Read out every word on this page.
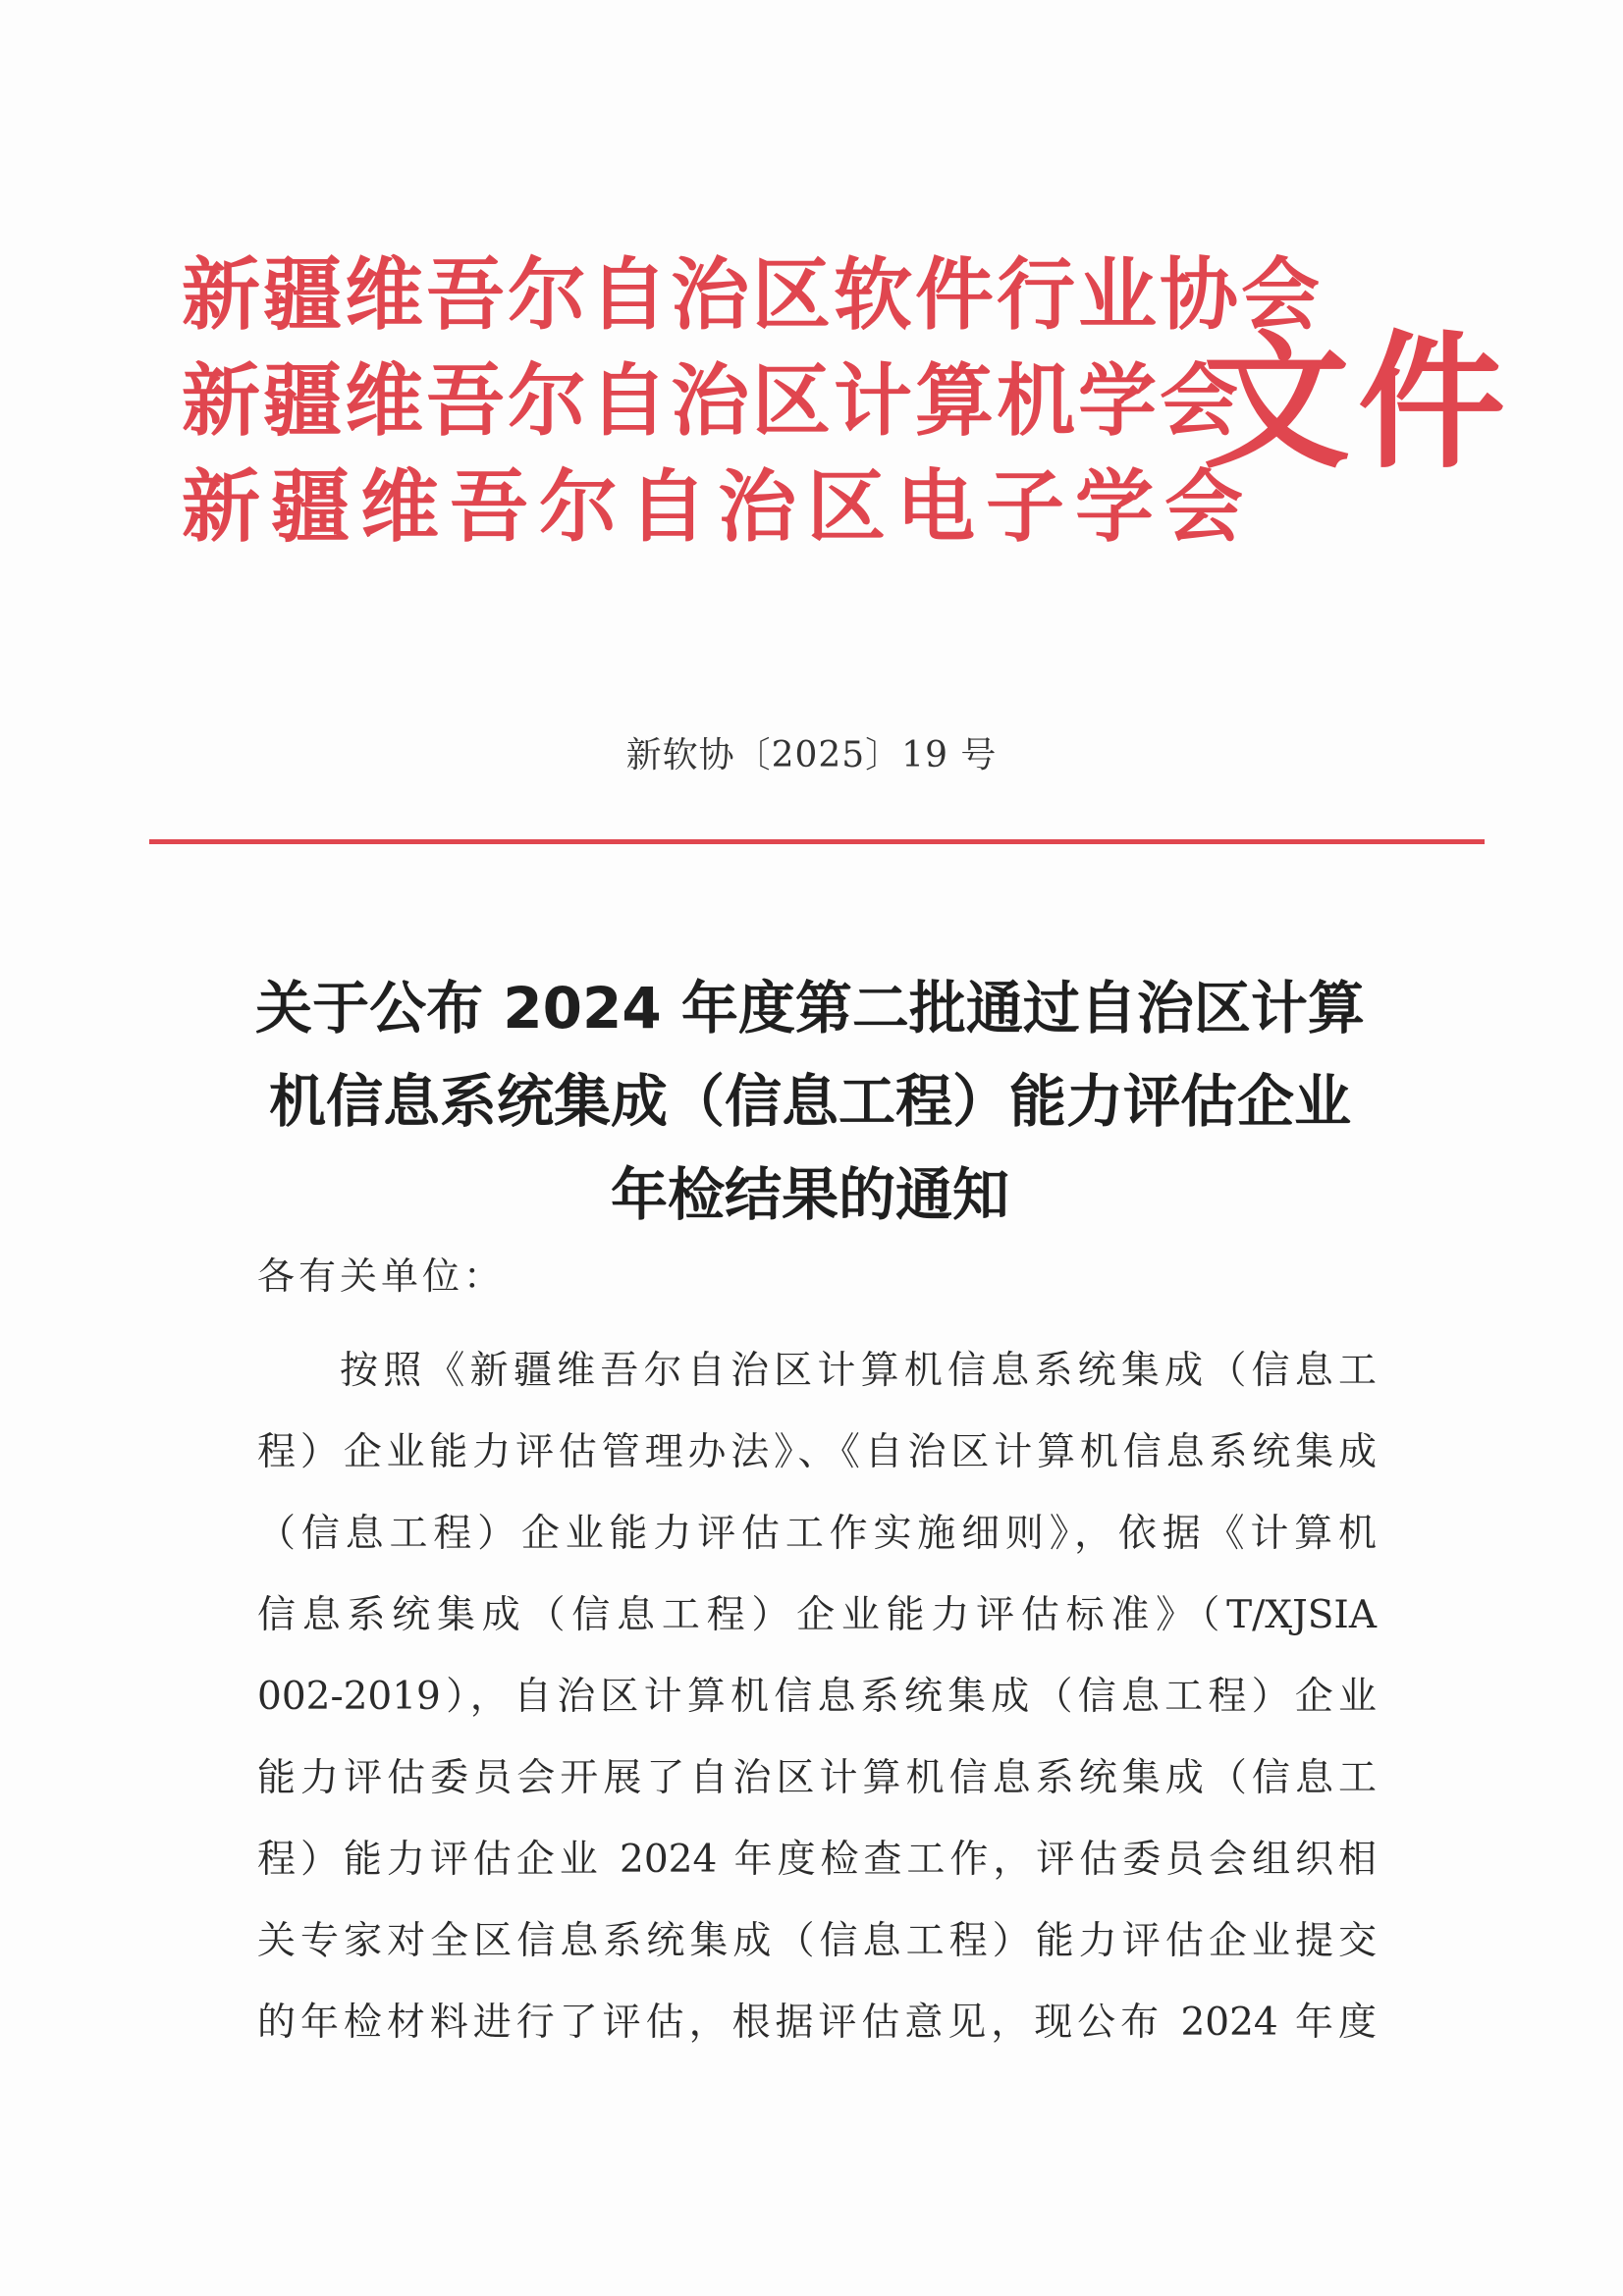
新疆维吾尔自治区软件行业协会
新疆维吾尔自治区计算机学会
新疆维吾尔自治区电子学会
文件
新软协〔2025〕19 号
关于公布 2024 年度第二批通过自治区计算
机信息系统集成（信息工程）能力评估企业
年检结果的通知
各有关单位：
按照《新疆维吾尔自治区计算机信息系统集成（信息工
程）企业能力评估管理办法》、《自治区计算机信息系统集成
（信息工程）企业能力评估工作实施细则》，依据《计算机
信息系统集成（信息工程）企业能力评估标准》（T/XJSIA
002-2019），自治区计算机信息系统集成（信息工程）企业
能力评估委员会开展了自治区计算机信息系统集成（信息工
程）能力评估企业 2024 年度检查工作，评估委员会组织相
关专家对全区信息系统集成（信息工程）能力评估企业提交
的年检材料进行了评估，根据评估意见，现公布 2024 年度
